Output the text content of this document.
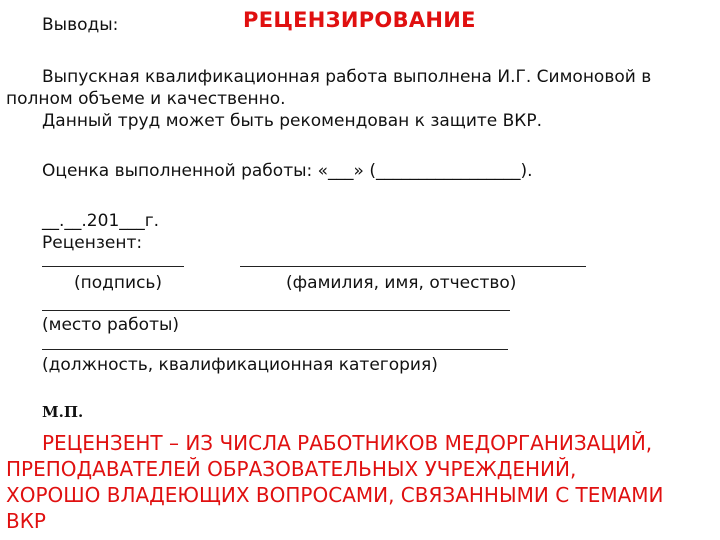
Выводы:	РЕЦЕНЗИРОВАНИЕ
Выпускная квалификационная работа выполнена И.Г. Симоновой в
полном объеме и качественно.
Данный труд может быть рекомендован к защите ВКР.
Оценка выполненной работы: «___» (_________________).
__.__.201___г.
Рецензент:
(подпись)	(фамилия, имя, отчество)
(место работы)
(должность, квалификационная категория)
М.П.
РЕЦЕНЗЕНТ – ИЗ ЧИСЛА РАБОТНИКОВ МЕДОРГАНИЗАЦИЙ,
ПРЕПОДАВАТЕЛЕЙ ОБРАЗОВАТЕЛЬНЫХ УЧРЕЖДЕНИЙ,
ХОРОШО ВЛАДЕЮЩИХ ВОПРОСАМИ, СВЯЗАННЫМИ С ТЕМАМИ
ВКР
